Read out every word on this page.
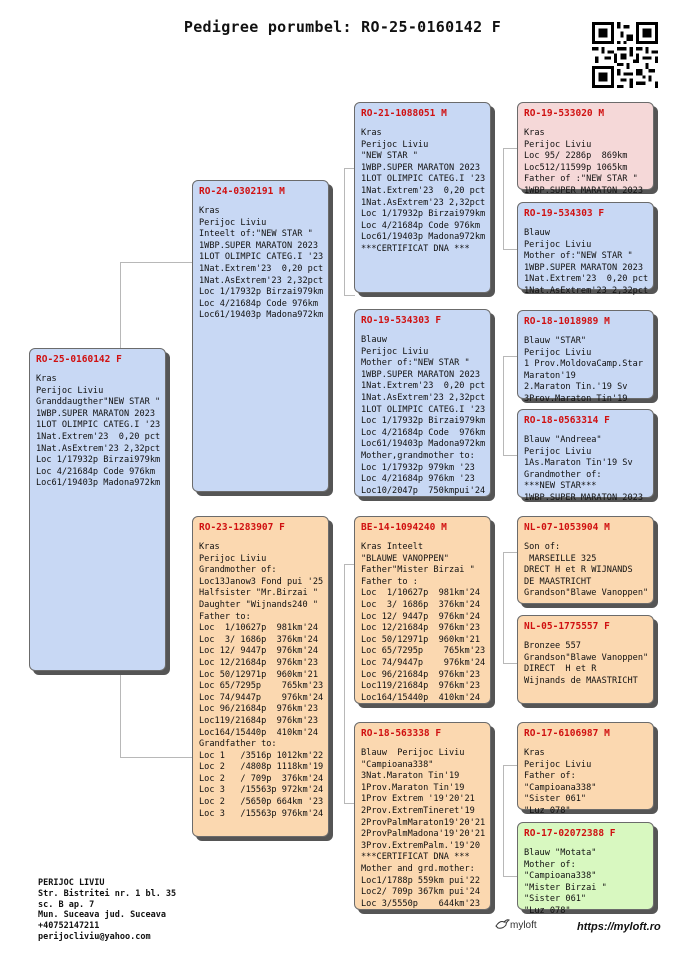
Pedigree porumbel: RO-25-0160142 F
RO-25-0160142 F
Kras
Perijoc Liviu
Granddaugther"NEW STAR "
1WBP.SUPER MARATON 2023
1LOT OLIMPIC CATEG.I '23
1Nat.Extrem'23  0,20 pct
1Nat.AsExtrem'23 2,32pct
Loc 1/17932p Birzai979km
Loc 4/21684p Code 976km
Loc61/19403p Madona972km
RO-24-0302191 M
Kras
Perijoc Liviu
Inteelt of:"NEW STAR "
1WBP.SUPER MARATON 2023
1LOT OLIMPIC CATEG.I '23
1Nat.Extrem'23  0,20 pct
1Nat.AsExtrem'23 2,32pct
Loc 1/17932p Birzai979km
Loc 4/21684p Code 976km
Loc61/19403p Madona972km
RO-23-1283907 F
Kras
Perijoc Liviu
Grandmother of:
Loc13Janow3 Fond pui '25
Halfsister "Mr.Birzai "
Daughter "Wijnands240 "
Father to:
Loc  1/10627p  981km'24
Loc  3/ 1686p  376km'24
Loc 12/ 9447p  976km'24
Loc 12/21684p  976km'23
Loc 50/12971p  960km'21
Loc 65/7295p    765km'23
Loc 74/9447p    976km'24
Loc 96/21684p  976km'23
Loc119/21684p  976km'23
Loc164/15440p  410km'24
Grandfather to:
Loc 1   /3516p 1012km'22
Loc 2   /4808p 1118km'19
Loc 2   / 709p  376km'24
Loc 3   /15563p 972km'24
Loc 2   /5650p 664km '23
Loc 3   /15563p 976km'24
RO-21-1088051 M
Kras
Perijoc Liviu
"NEW STAR "
1WBP.SUPER MARATON 2023
1LOT OLIMPIC CATEG.I '23
1Nat.Extrem'23  0,20 pct
1Nat.AsExtrem'23 2,32pct
Loc 1/17932p Birzai979km
Loc 4/21684p Code 976km
Loc61/19403p Madona972km
***CERTIFICAT DNA ***
RO-19-534303 F
Blauw
Perijoc Liviu
Mother of:"NEW STAR "
1WBP.SUPER MARATON 2023
1Nat.Extrem'23  0,20 pct
1Nat.AsExtrem'23 2,32pct
1LOT OLIMPIC CATEG.I '23
Loc 1/17932p Birzai979km
Loc 4/21684p Code  976km
Loc61/19403p Madona972km
Mother,grandmother to:
Loc 1/17932p 979km '23
Loc 4/21684p 976km '23
Loc10/2047p  750kmpui'24
BE-14-1094240 M
Kras Inteelt
"BLAUWE VANOPPEN"
Father"Mister Birzai "
Father to :
Loc  1/10627p  981km'24
Loc  3/ 1686p  376km'24
Loc 12/ 9447p  976km'24
Loc 12/21684p  976km'23
Loc 50/12971p  960km'21
Loc 65/7295p    765km'23
Loc 74/9447p    976km'24
Loc 96/21684p  976km'23
Loc119/21684p  976km'23
Loc164/15440p  410km'24
RO-18-563338 F
Blauw  Perijoc Liviu
"Campioana338"
3Nat.Maraton Tin'19
1Prov.Maraton Tin'19
1Prov Extrem '19'20'21
2Prov.ExtremTineret'19
2ProvPalmMaraton19'20'21
2ProvPalmMadona'19'20'21
3Prov.ExtremPalm.'19'20
***CERTIFICAT DNA ***
Mother and grd.mother:
Loc1/1788p 559km pui'22
Loc2/ 709p 367km pui'24
Loc 3/5550p    644km'23
RO-19-533020 M
Kras
Perijoc Liviu
Loc 95/ 2286p  869km
Loc512/11599p 1065km
Father of :"NEW STAR "
1WBP.SUPER MARATON 2023
RO-19-534303 F
Blauw
Perijoc Liviu
Mother of:"NEW STAR "
1WBP.SUPER MARATON 2023
1Nat.Extrem'23  0,20 pct
1Nat.AsExtrem'23 2,32pct
RO-18-1018989 M
Blauw "STAR"
Perijoc Liviu
1 Prov.MoldovaCamp.Star
Maraton'19
2.Maraton Tin.'19 Sv
3Prov.Maraton Tin'19
RO-18-0563314 F
Blauw "Andreea"
Perijoc Liviu
1As.Maraton Tin'19 Sv
Grandmother of:
***NEW STAR***
1WBP.SUPER MARATON 2023
NL-07-1053904 M
Son of:
MARSEILLE 325
DRECT H et R WIJNANDS
DE MAASTRICHT
Grandson"Blawe Vanoppen"
NL-05-1775557 F
Bronzee 557
Grandson"Blawe Vanoppen"
DIRECT  H et R
Wijnands de MAASTRICHT
RO-17-6106987 M
Kras
Perijoc Liviu
Father of:
"Campioana338"
"Sister 061"
"Luz 078"
RO-17-02072388 F
Blauw "Motata"
Mother of:
"Campioana338"
"Mister Birzai "
"Sister 061"
"Luz 078"
PERIJOC LIVIU
Str. Bistritei nr. 1 bl. 35
sc. B ap. 7
Mun. Suceava jud. Suceava
+40752147211
perijocliviu@yahoo.com
myloft	https://myloft.ro
